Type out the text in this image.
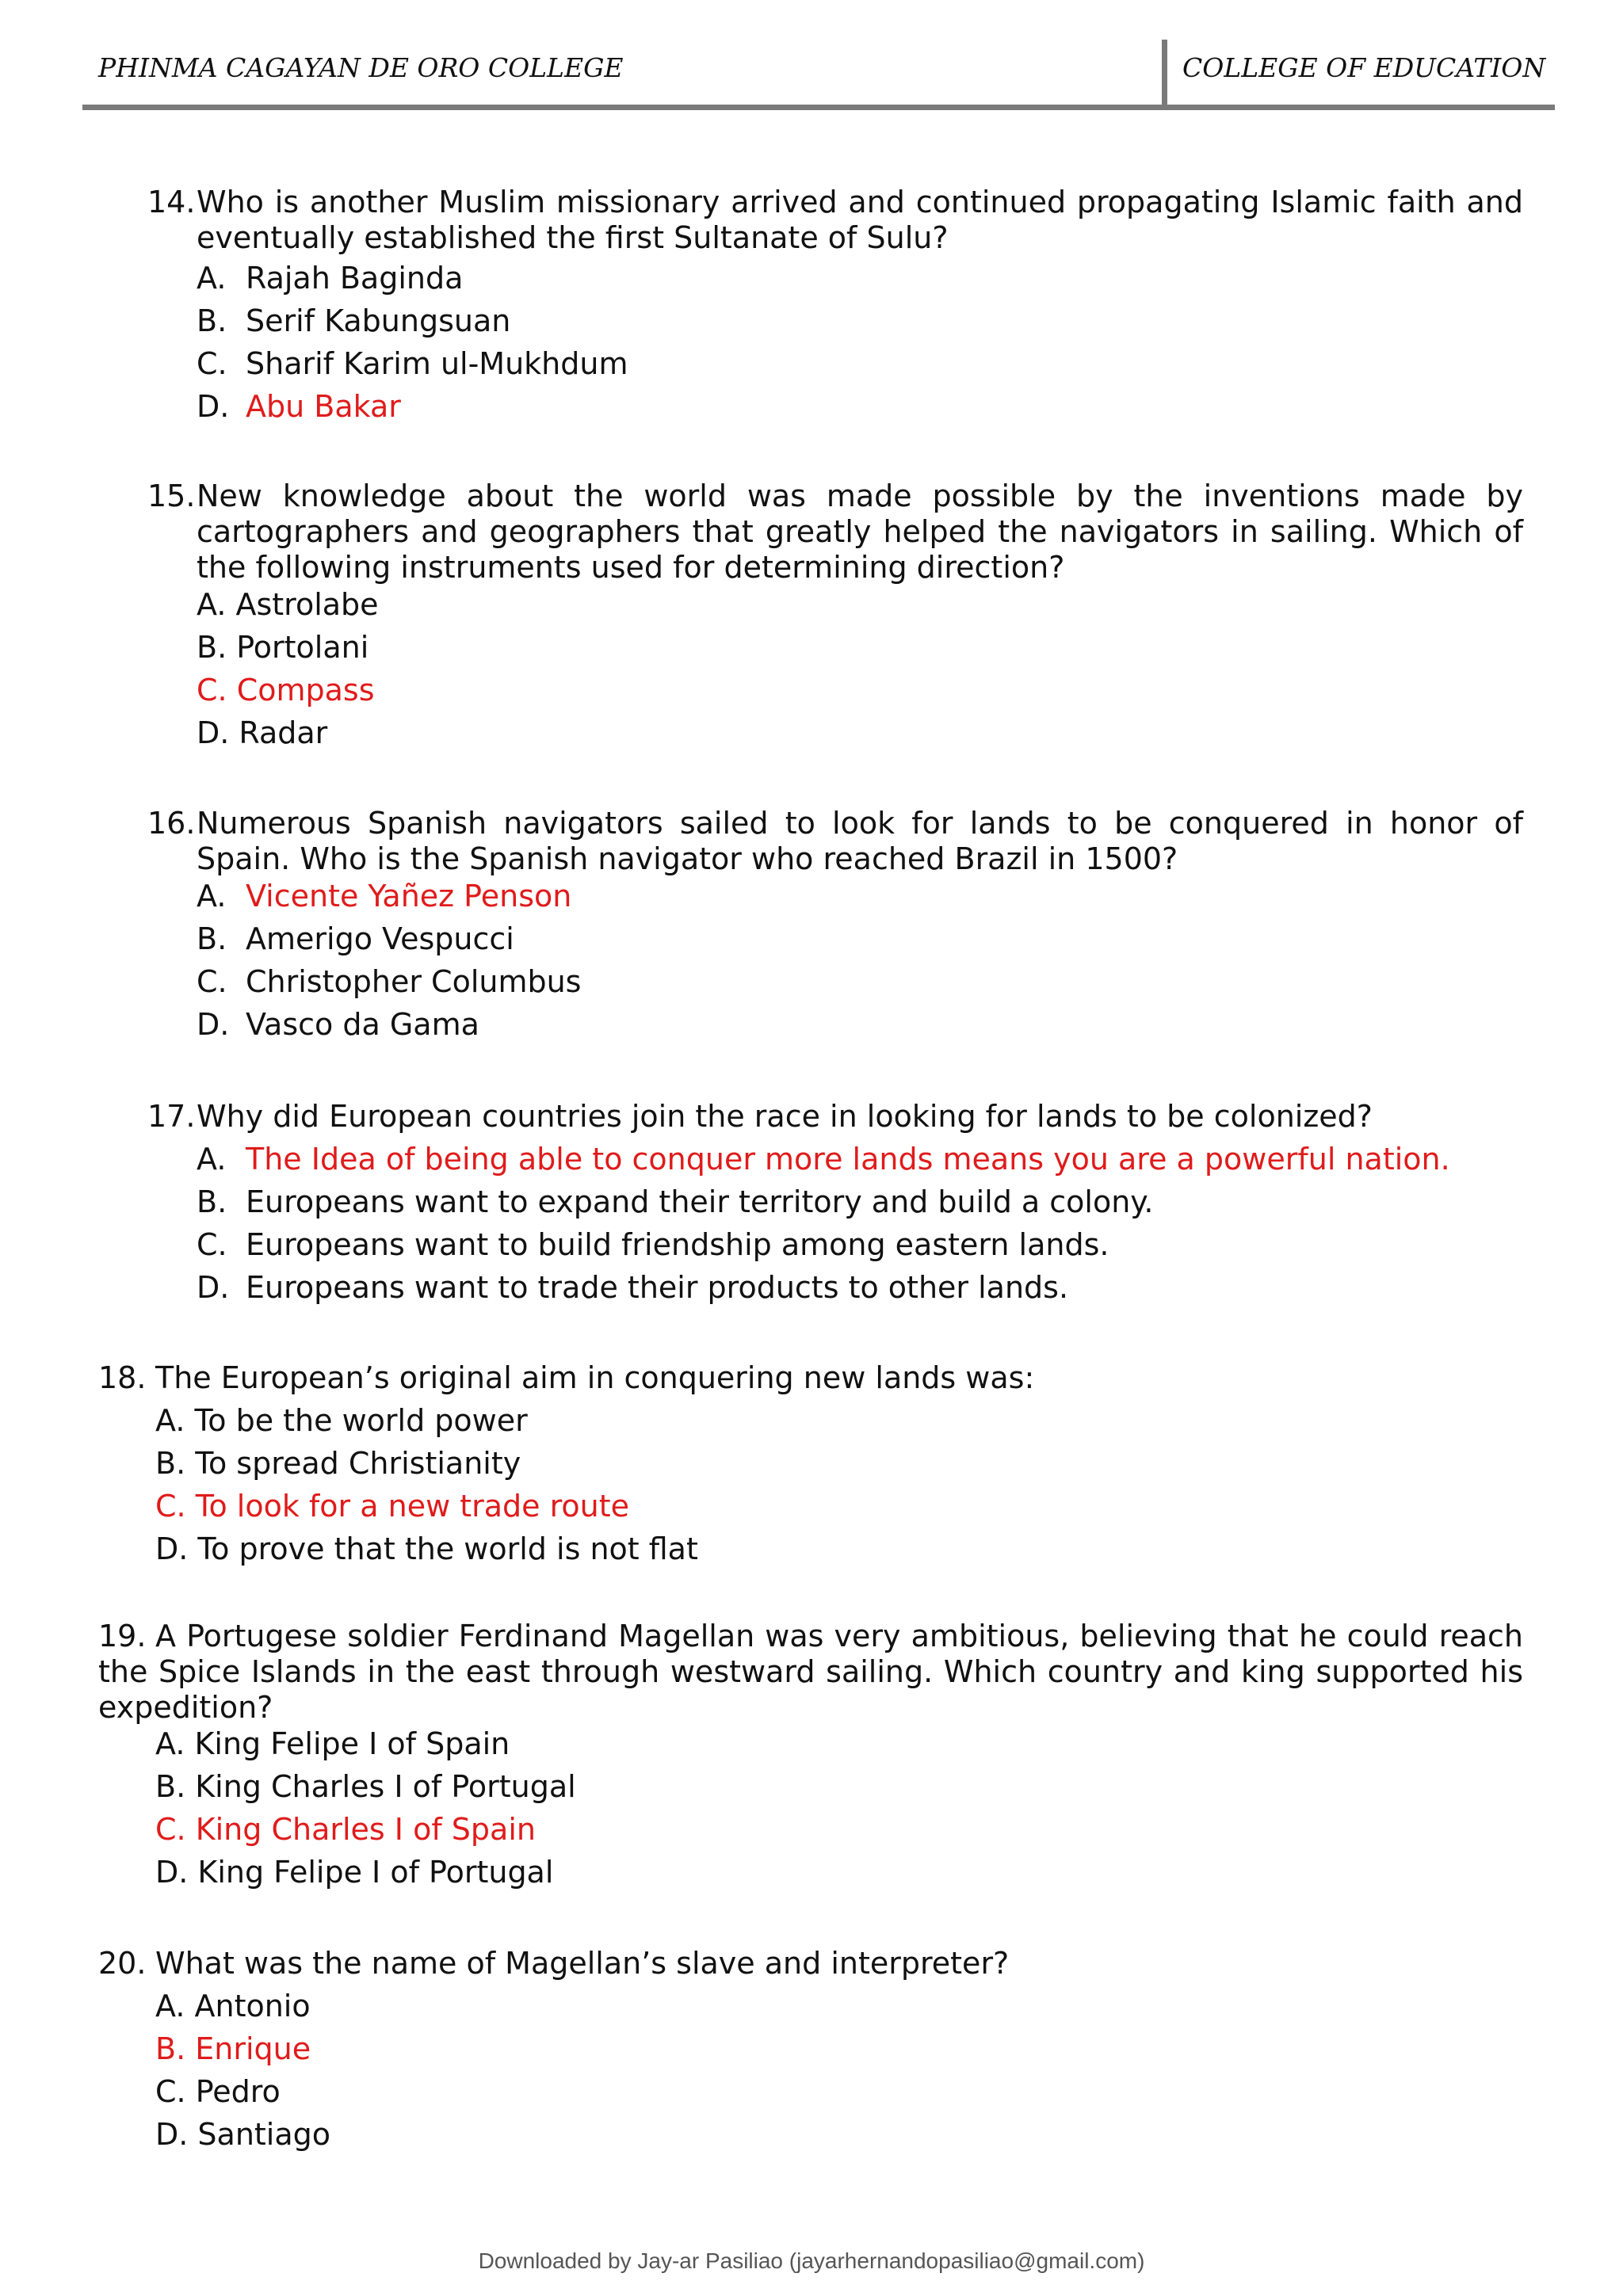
PHINMA CAGAYAN DE ORO COLLEGE	COLLEGE OF EDUCATION
14. Who is another Muslim missionary arrived and continued propagating Islamic faith and
eventually established the first Sultanate of Sulu?
A. Rajah Baginda
B. Serif Kabungsuan
C. Sharif Karim ul-Mukhdum
D. Abu Bakar
15. New knowledge about the world was made possible by the inventions made by
cartographers and geographers that greatly helped the navigators in sailing. Which of
the following instruments used for determining direction?
A. Astrolabe
B. Portolani
C. Compass
D. Radar
16. Numerous Spanish navigators sailed to look for lands to be conquered in honor of
Spain. Who is the Spanish navigator who reached Brazil in 1500?
A. Vicente Yañez Penson
B. Amerigo Vespucci
C. Christopher Columbus
D. Vasco da Gama
17. Why did European countries join the race in looking for lands to be colonized?
A. The Idea of being able to conquer more lands means you are a powerful nation.
B. Europeans want to expand their territory and build a colony.
C. Europeans want to build friendship among eastern lands.
D. Europeans want to trade their products to other lands.
18. The European’s original aim in conquering new lands was:
A. To be the world power
B. To spread Christianity
C. To look for a new trade route
D. To prove that the world is not flat
19. A Portugese soldier Ferdinand Magellan was very ambitious, believing that he could reach
the Spice Islands in the east through westward sailing. Which country and king supported his
expedition?
A. King Felipe I of Spain
B. King Charles I of Portugal
C. King Charles I of Spain
D. King Felipe I of Portugal
20. What was the name of Magellan’s slave and interpreter?
A. Antonio
B. Enrique
C. Pedro
D. Santiago
Downloaded by Jay-ar Pasiliao (jayarhernandopasiliao@gmail.com)
